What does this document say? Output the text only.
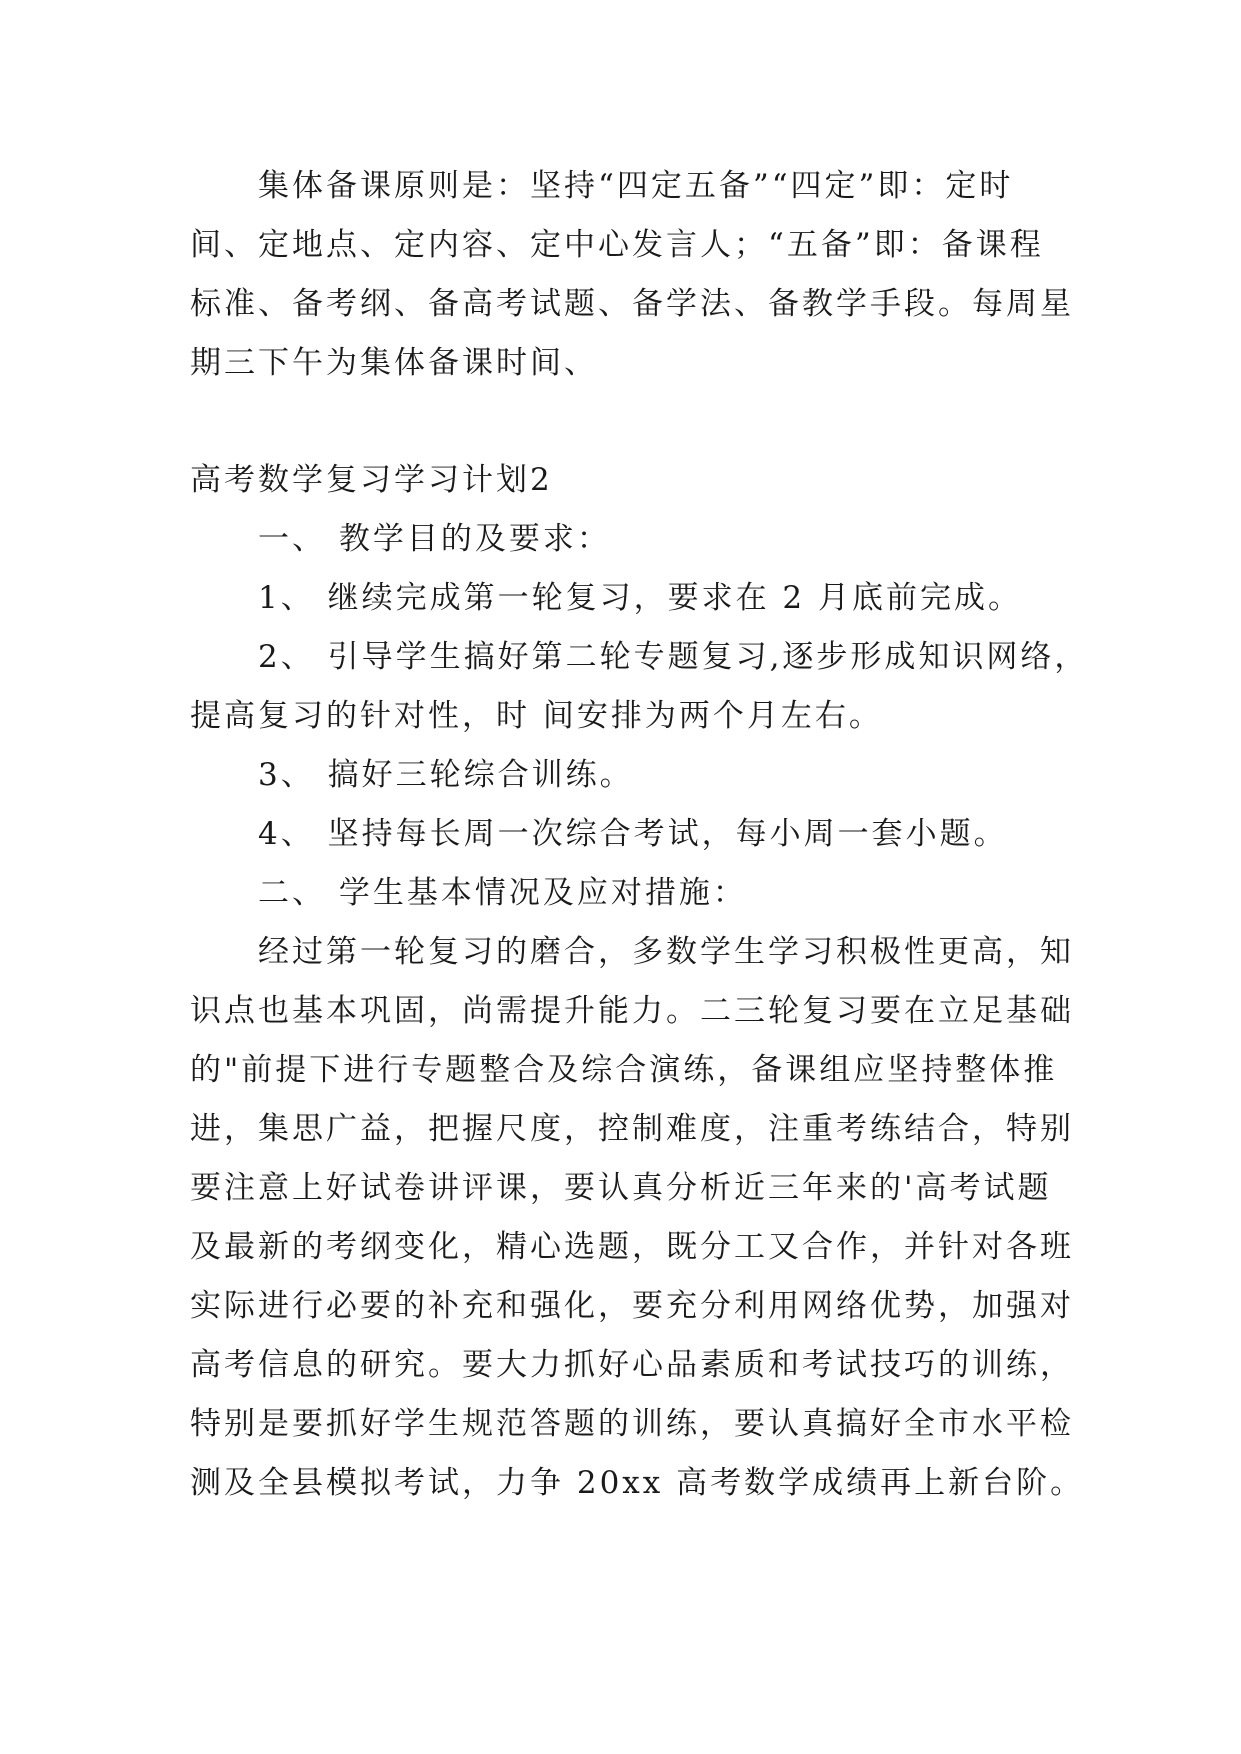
集体备课原则是：坚持“四定五备”“四定”即：定时
间、定地点、定内容、定中心发言人；“五备”即：备课程
标准、备考纲、备高考试题、备学法、备教学手段。每周星
期三下午为集体备课时间、
高考数学复习学习计划2
一、 教学目的及要求：
1、 继续完成第一轮复习，要求在 2 月底前完成。
2、 引导学生搞好第二轮专题复习,逐步形成知识网络，
提高复习的针对性，时 间安排为两个月左右。
3、 搞好三轮综合训练。
4、 坚持每长周一次综合考试，每小周一套小题。
二、 学生基本情况及应对措施：
经过第一轮复习的磨合，多数学生学习积极性更高，知
识点也基本巩固，尚需提升能力。二三轮复习要在立足基础
的"前提下进行专题整合及综合演练，备课组应坚持整体推
进，集思广益，把握尺度，控制难度，注重考练结合，特别
要注意上好试卷讲评课，要认真分析近三年来的'高考试题
及最新的考纲变化，精心选题，既分工又合作，并针对各班
实际进行必要的补充和强化，要充分利用网络优势，加强对
高考信息的研究。要大力抓好心品素质和考试技巧的训练，
特别是要抓好学生规范答题的训练，要认真搞好全市水平检
测及全县模拟考试，力争 20xx 高考数学成绩再上新台阶。
